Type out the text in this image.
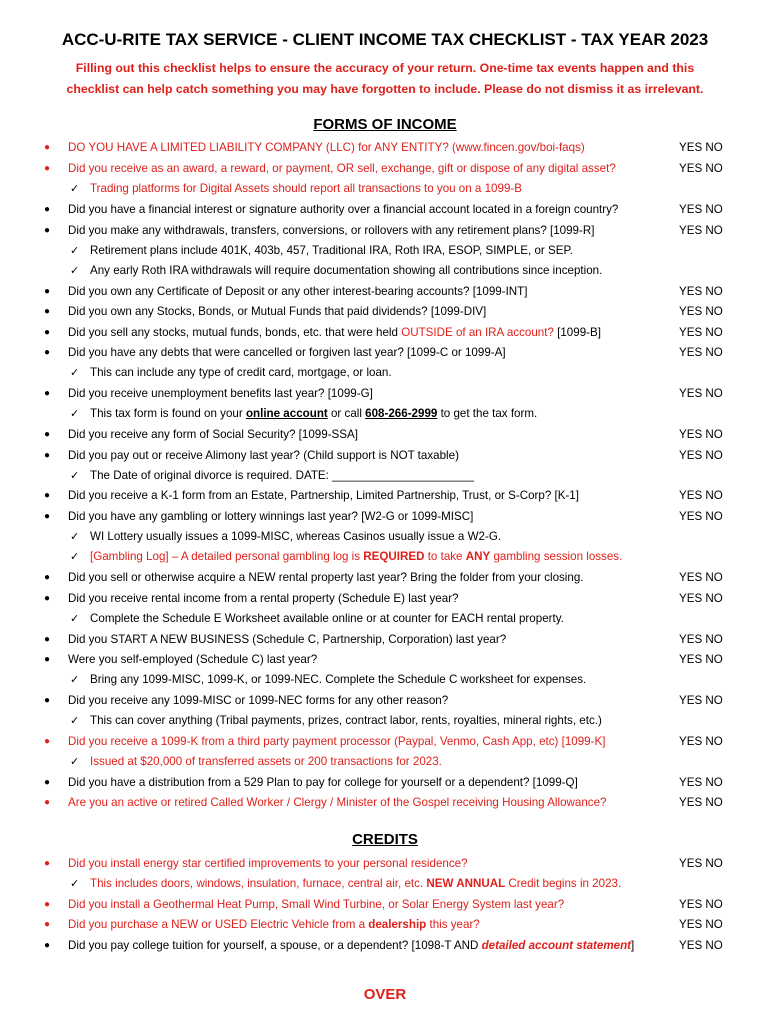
ACC-U-RITE TAX SERVICE - CLIENT INCOME TAX CHECKLIST - TAX YEAR 2023
Filling out this checklist helps to ensure the accuracy of your return. One-time tax events happen and this
checklist can help catch something you may have forgotten to include. Please do not dismiss it as irrelevant.
FORMS OF INCOME
● DO YOU HAVE A LIMITED LIABILITY COMPANY (LLC) for ANY ENTITY? (www.fincen.gov/boi-faqs)	YES NO
● Did you receive as an award, a reward, or payment, OR sell, exchange, gift or dispose of any digital asset?	YES NO
✓ Trading platforms for Digital Assets should report all transactions to you on a 1099-B
● Did you have a financial interest or signature authority over a financial account located in a foreign country?	YES NO
● Did you make any withdrawals, transfers, conversions, or rollovers with any retirement plans? [1099-R]	YES NO
✓ Retirement plans include 401K, 403b, 457, Traditional IRA, Roth IRA, ESOP, SIMPLE, or SEP.
✓ Any early Roth IRA withdrawals will require documentation showing all contributions since inception.
● Did you own any Certificate of Deposit or any other interest-bearing accounts? [1099-INT]	YES NO
● Did you own any Stocks, Bonds, or Mutual Funds that paid dividends? [1099-DIV]	YES NO
● Did you sell any stocks, mutual funds, bonds, etc. that were held OUTSIDE of an IRA account? [1099-B]	YES NO
● Did you have any debts that were cancelled or forgiven last year? [1099-C or 1099-A]	YES NO
✓ This can include any type of credit card, mortgage, or loan.
● Did you receive unemployment benefits last year? [1099-G]	YES NO
✓ This tax form is found on your online account or call 608-266-2999 to get the tax form.
● Did you receive any form of Social Security? [1099-SSA]	YES NO
● Did you pay out or receive Alimony last year? (Child support is NOT taxable)	YES NO
✓ The Date of original divorce is required. DATE: ______________________
● Did you receive a K-1 form from an Estate, Partnership, Limited Partnership, Trust, or S-Corp? [K-1]	YES NO
● Did you have any gambling or lottery winnings last year? [W2-G or 1099-MISC]	YES NO
✓ WI Lottery usually issues a 1099-MISC, whereas Casinos usually issue a W2-G.
✓ [Gambling Log] – A detailed personal gambling log is REQUIRED to take ANY gambling session losses.
● Did you sell or otherwise acquire a NEW rental property last year? Bring the folder from your closing.	YES NO
● Did you receive rental income from a rental property (Schedule E) last year?	YES NO
✓ Complete the Schedule E Worksheet available online or at counter for EACH rental property.
● Did you START A NEW BUSINESS (Schedule C, Partnership, Corporation) last year?	YES NO
● Were you self-employed (Schedule C) last year?	YES NO
✓ Bring any 1099-MISC, 1099-K, or 1099-NEC. Complete the Schedule C worksheet for expenses.
● Did you receive any 1099-MISC or 1099-NEC forms for any other reason?	YES NO
✓ This can cover anything (Tribal payments, prizes, contract labor, rents, royalties, mineral rights, etc.)
● Did you receive a 1099-K from a third party payment processor (Paypal, Venmo, Cash App, etc) [1099-K]	YES NO
✓ Issued at $20,000 of transferred assets or 200 transactions for 2023.
● Did you have a distribution from a 529 Plan to pay for college for yourself or a dependent? [1099-Q]	YES NO
● Are you an active or retired Called Worker / Clergy / Minister of the Gospel receiving Housing Allowance?	YES NO
CREDITS
● Did you install energy star certified improvements to your personal residence?	YES NO
✓ This includes doors, windows, insulation, furnace, central air, etc. NEW ANNUAL Credit begins in 2023.
● Did you install a Geothermal Heat Pump, Small Wind Turbine, or Solar Energy System last year?	YES NO
● Did you purchase a NEW or USED Electric Vehicle from a dealership this year?	YES NO
● Did you pay college tuition for yourself, a spouse, or a dependent? [1098-T AND detailed account statement]	YES NO
OVER
